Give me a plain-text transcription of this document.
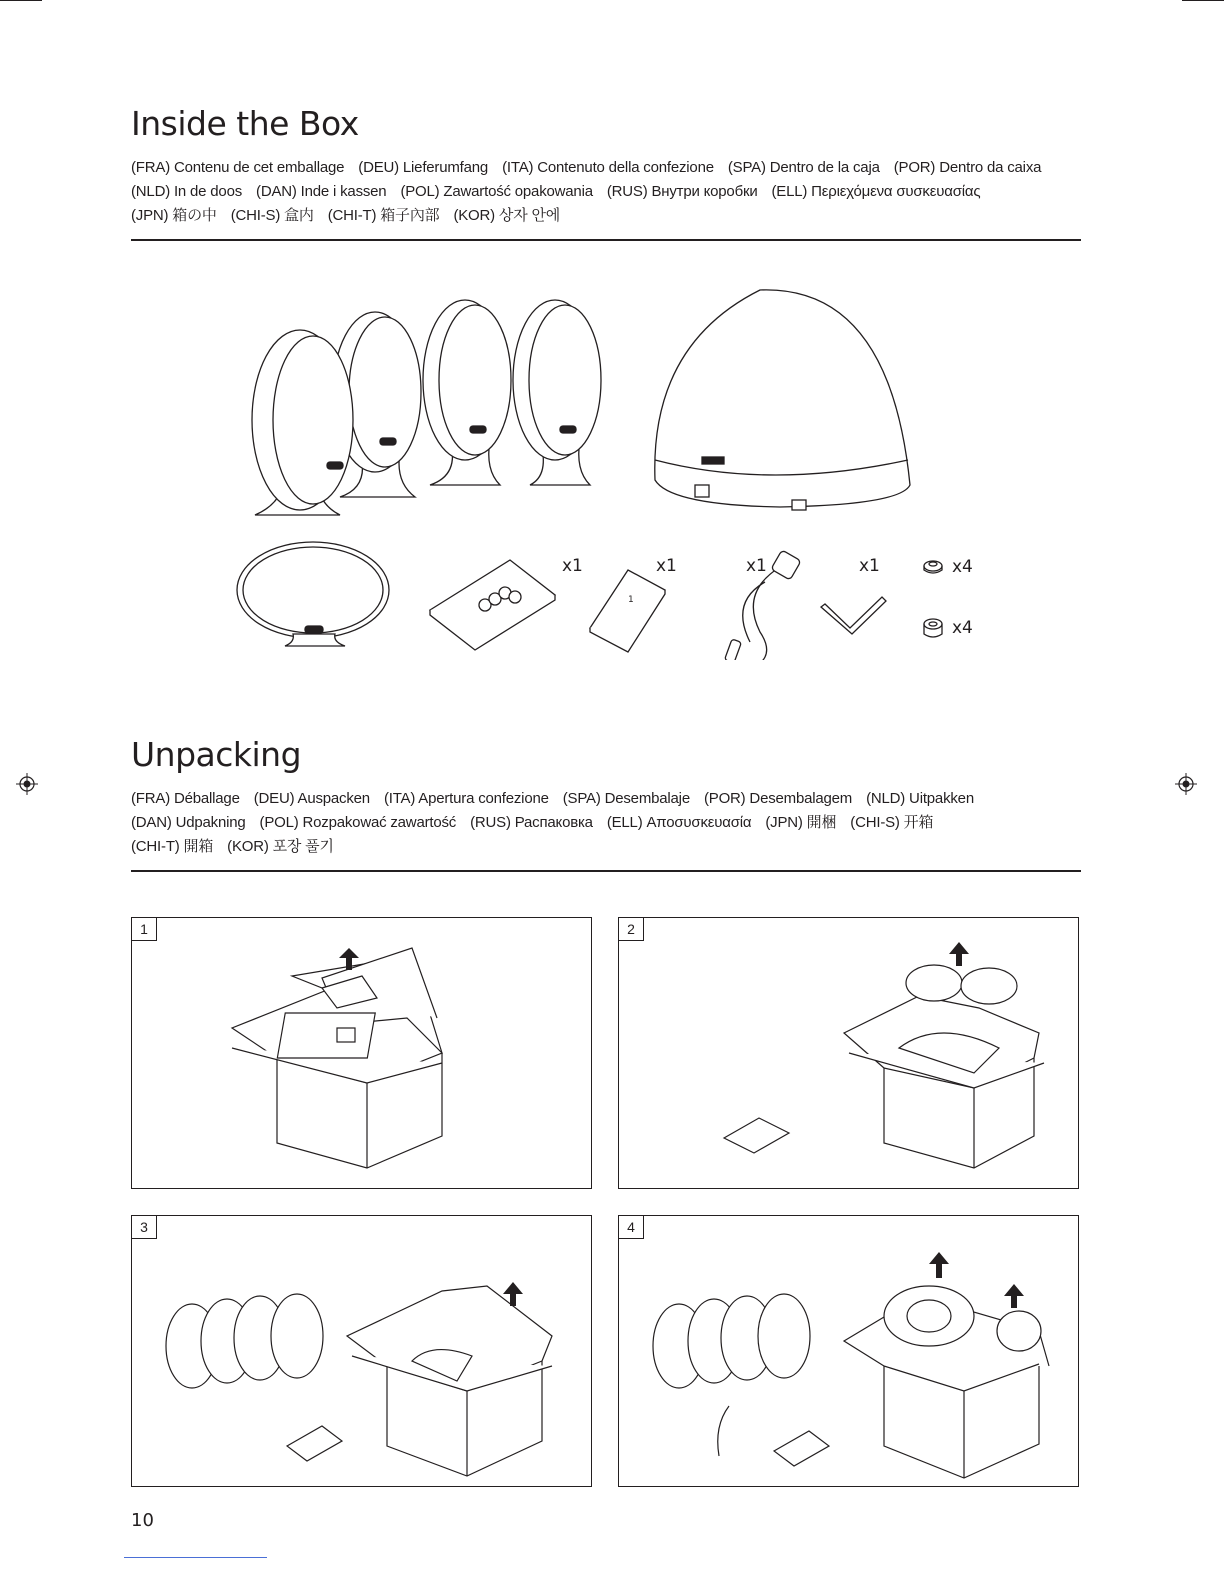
Inside the Box
(FRA) Contenu de cet emballage (DEU) Lieferumfang (ITA) Contenuto della confezione (SPA) Dentro de la caja (POR) Dentro da caixa
(NLD) In de doos (DAN) Inde i kassen (POL) Zawartość opakowania (RUS) Внутри коробки (ELL) Περιεχόμενα συσκευασίας
(JPN) 箱の中 (CHI-S) 盒内 (CHI-T) 箱子內部 (KOR) 상자 안에
1
x1	x1	x1	x1	x4
x4
Unpacking
(FRA) Déballage (DEU) Auspacken (ITA) Apertura confezione (SPA) Desembalaje (POR) Desembalagem (NLD) Uitpakken
(DAN) Udpakning (POL) Rozpakować zawartość (RUS) Распаковка (ELL) Αποσυσκευασία (JPN) 開梱 (CHI-S) 开箱
(CHI-T) 開箱 (KOR) 포장 풀기
1	2
3	4
10
